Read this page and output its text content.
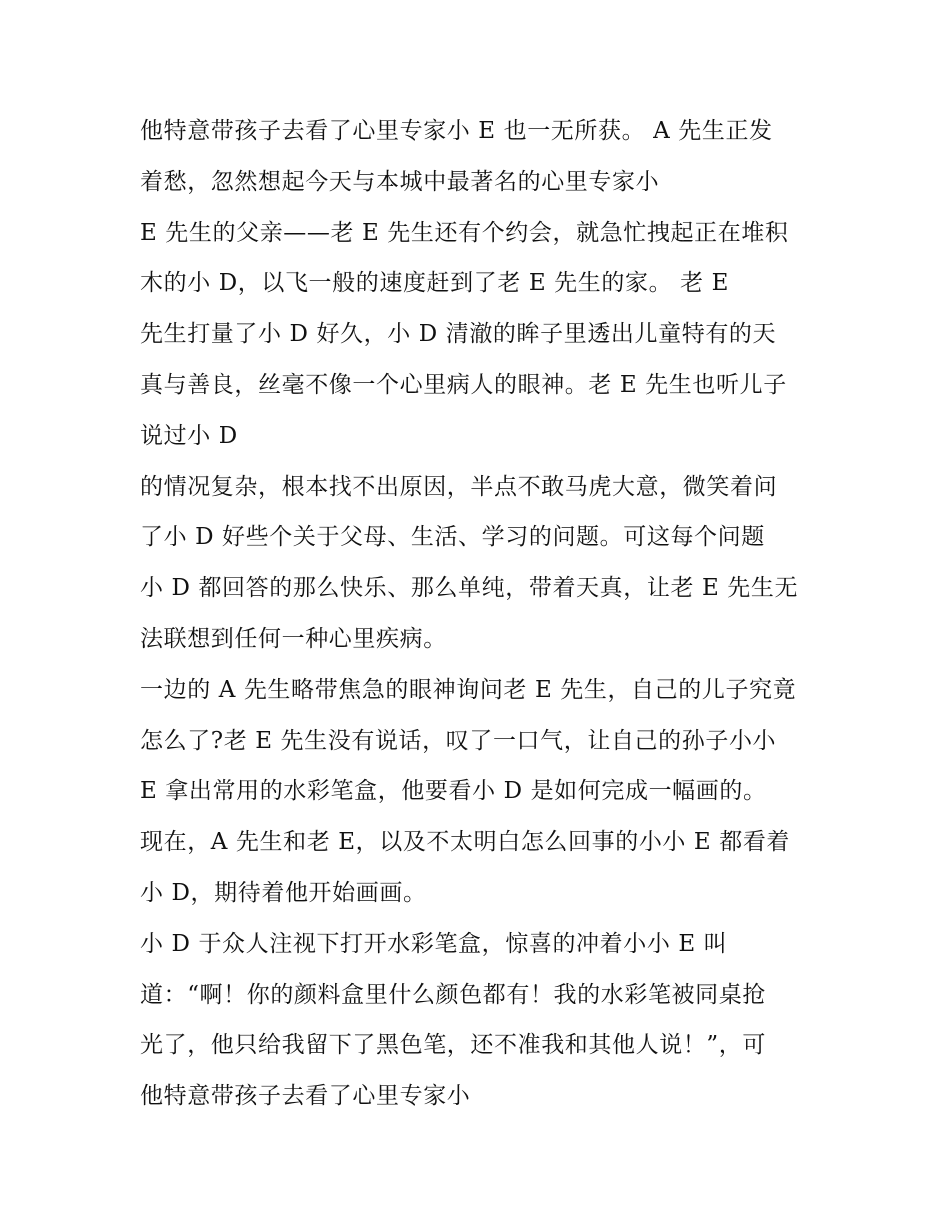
他特意带孩子去看了心里专家小 E 也一无所获。 A 先生正发
着愁，忽然想起今天与本城中最著名的心里专家小
E 先生的父亲——老 E 先生还有个约会，就急忙拽起正在堆积
木的小 D，以飞一般的速度赶到了老 E 先生的家。 老 E
先生打量了小 D 好久，小 D 清澈的眸子里透出儿童特有的天
真与善良，丝毫不像一个心里病人的眼神。老 E 先生也听儿子
说过小 D
的情况复杂，根本找不出原因，半点不敢马虎大意，微笑着问
了小 D 好些个关于父母、生活、学习的问题。可这每个问题
小 D 都回答的那么快乐、那么单纯，带着天真，让老 E 先生无
法联想到任何一种心里疾病。
一边的 A 先生略带焦急的眼神询问老 E 先生，自己的儿子究竟
怎么了?老 E 先生没有说话，叹了一口气，让自己的孙子小小
E 拿出常用的水彩笔盒，他要看小 D 是如何完成一幅画的。
现在，A 先生和老 E，以及不太明白怎么回事的小小 E 都看着
小 D，期待着他开始画画。
小 D 于众人注视下打开水彩笔盒，惊喜的冲着小小 E 叫
道：“啊！你的颜料盒里什么颜色都有！我的水彩笔被同桌抢
光了，他只给我留下了黑色笔，还不准我和其他人说！”，可
他特意带孩子去看了心里专家小
